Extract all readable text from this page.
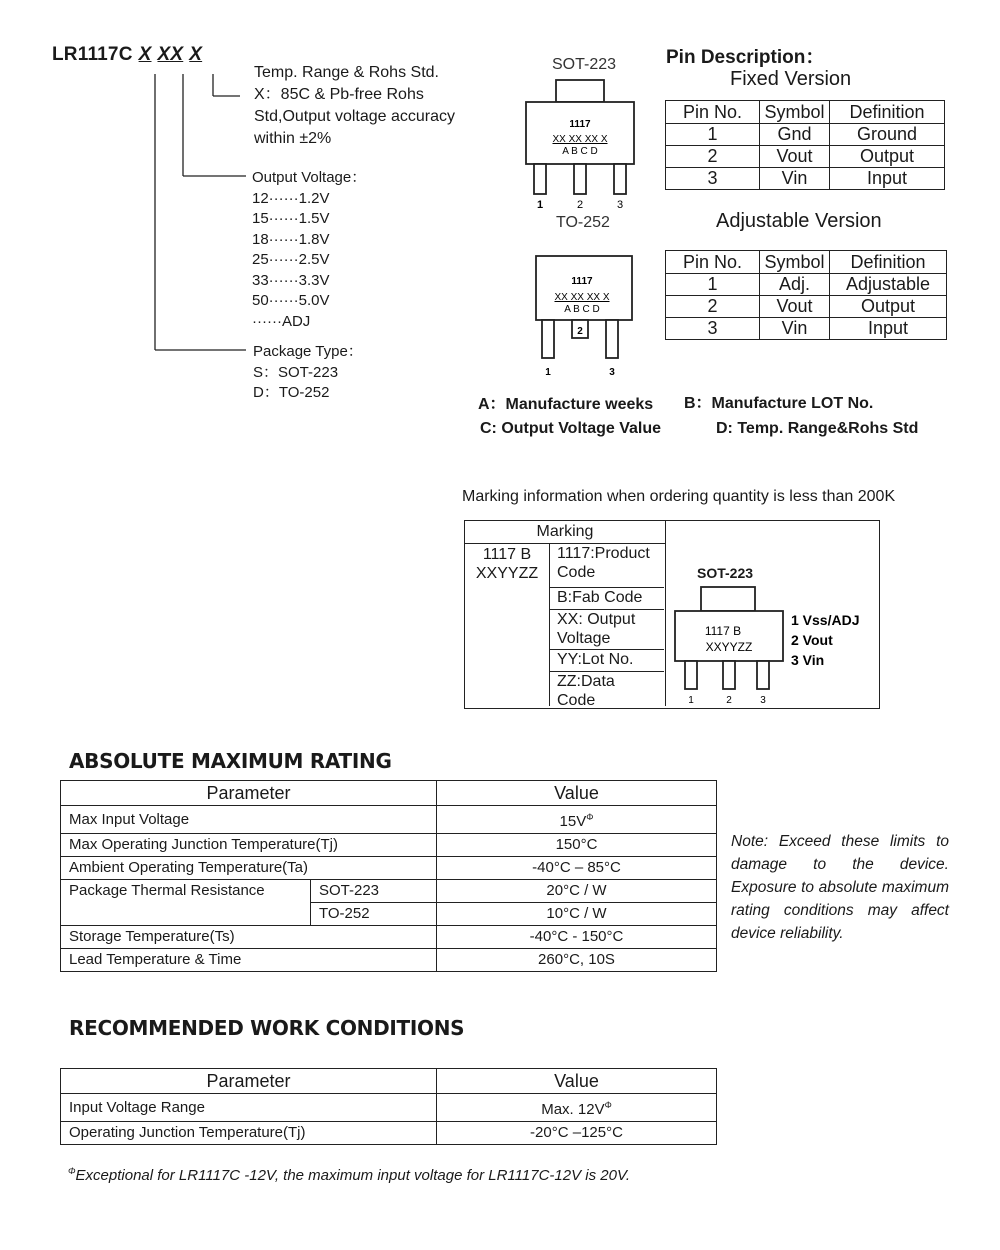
LR1117C X XX X
Temp. Range & Rohs Std.
X：85C & Pb-free Rohs
Std,Output voltage accuracy
within ±2%
Output Voltage：
12······1.2V
15······1.5V
18······1.8V
25······2.5V
33······3.3V
50······5.0V
······ADJ
Package Type：
S：SOT-223
D：TO-252
SOT-223
1117
XX XX XX X
A B C D
1	2	3
TO-252
1117
XX XX XX X
A B C D
1
2
3
Pin Description：
Fixed Version
Pin No.	Symbol	Definition
1	Gnd	Ground
2	Vout	Output
3	Vin	Input
Adjustable Version
Pin No.	Symbol	Definition
1	Adj.	Adjustable
2	Vout	Output
3	Vin	Input
A：Manufacture weeks B：Manufacture LOT No.
C: Output Voltage Value	D: Temp. Range&Rohs Std
Marking information when ordering quantity is less than 200K
Marking
1117 B
XXYYZZ
1117:Product
Code
B:Fab Code
XX: Output
Voltage
YY:Lot No.
ZZ:Data
Code
SOT-223
1117 B
XXYYZZ
1	2	3
1 Vss/ADJ
2 Vout
3 Vin
ABSOLUTE MAXIMUM RATING
Parameter		Value
Max Input Voltage		$15V^\Phi$
Max Operating Junction Temperature(Tj)		150°C
Ambient Operating Temperature(Ta)		-40°C – 85°C
Package Thermal Resistance	SOT-223	20°C / W
	TO-252	10°C / W
Storage Temperature(Ts)		-40°C - 150°C
Lead Temperature & Time		260°C, 10S
Note: Exceed these limits to damage to the device. Exposure to absolute maximum rating conditions may affect device reliability.
RECOMMENDED WORK CONDITIONS
Parameter	Value
Input Voltage Range	Max. $12V^\Phi$
Operating Junction Temperature(Tj)	-20°C –125°C
$^\Phi$Exceptional for LR1117C -12V, the maximum input voltage for LR1117C-12V is 20V.
